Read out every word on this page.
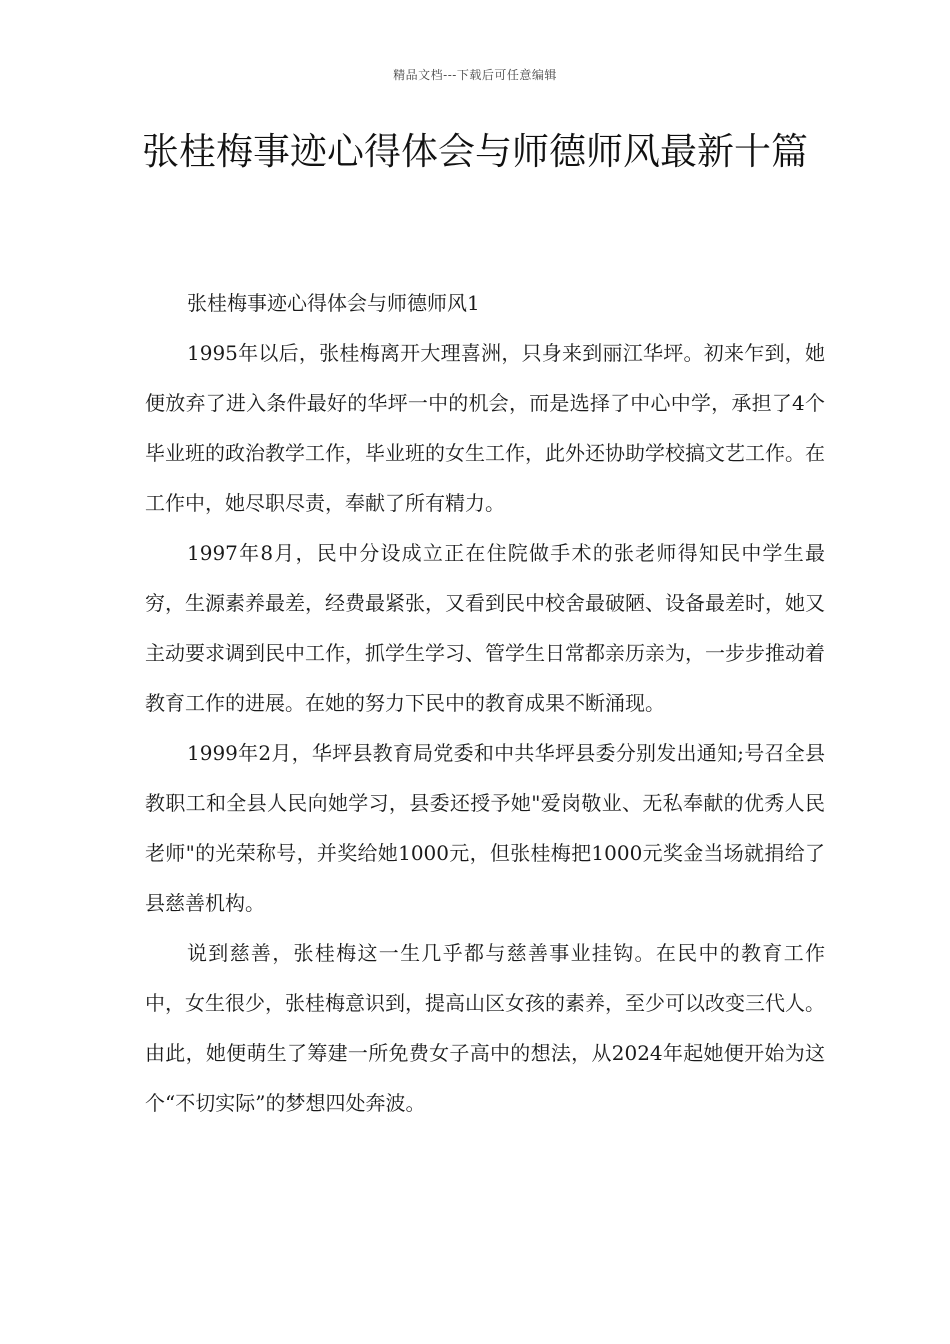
精品文档---下载后可任意编辑
张桂梅事迹心得体会与师德师风最新十篇

张桂梅事迹心得体会与师德师风1

1995年以后，张桂梅离开大理喜洲，只身来到丽江华坪。初来乍到，她便放弃了进入条件最好的华坪一中的机会，而是选择了中心中学，承担了4个毕业班的政治教学工作，毕业班的女生工作，此外还协助学校搞文艺工作。在工作中，她尽职尽责，奉献了所有精力。

1997年8月，民中分设成立正在住院做手术的张老师得知民中学生最穷，生源素养最差，经费最紧张，又看到民中校舍最破陋、设备最差时，她又主动要求调到民中工作，抓学生学习、管学生日常都亲历亲为，一步步推动着教育工作的进展。在她的努力下民中的教育成果不断涌现。

1999年2月，华坪县教育局党委和中共华坪县委分别发出通知;号召全县教职工和全县人民向她学习，县委还授予她"爱岗敬业、无私奉献的优秀人民老师"的光荣称号，并奖给她1000元，但张桂梅把1000元奖金当场就捐给了县慈善机构。

说到慈善，张桂梅这一生几乎都与慈善事业挂钩。在民中的教育工作中，女生很少，张桂梅意识到，提高山区女孩的素养，至少可以改变三代人。由此，她便萌生了筹建一所免费女子高中的想法，从2024年起她便开始为这个“不切实际”的梦想四处奔波。
